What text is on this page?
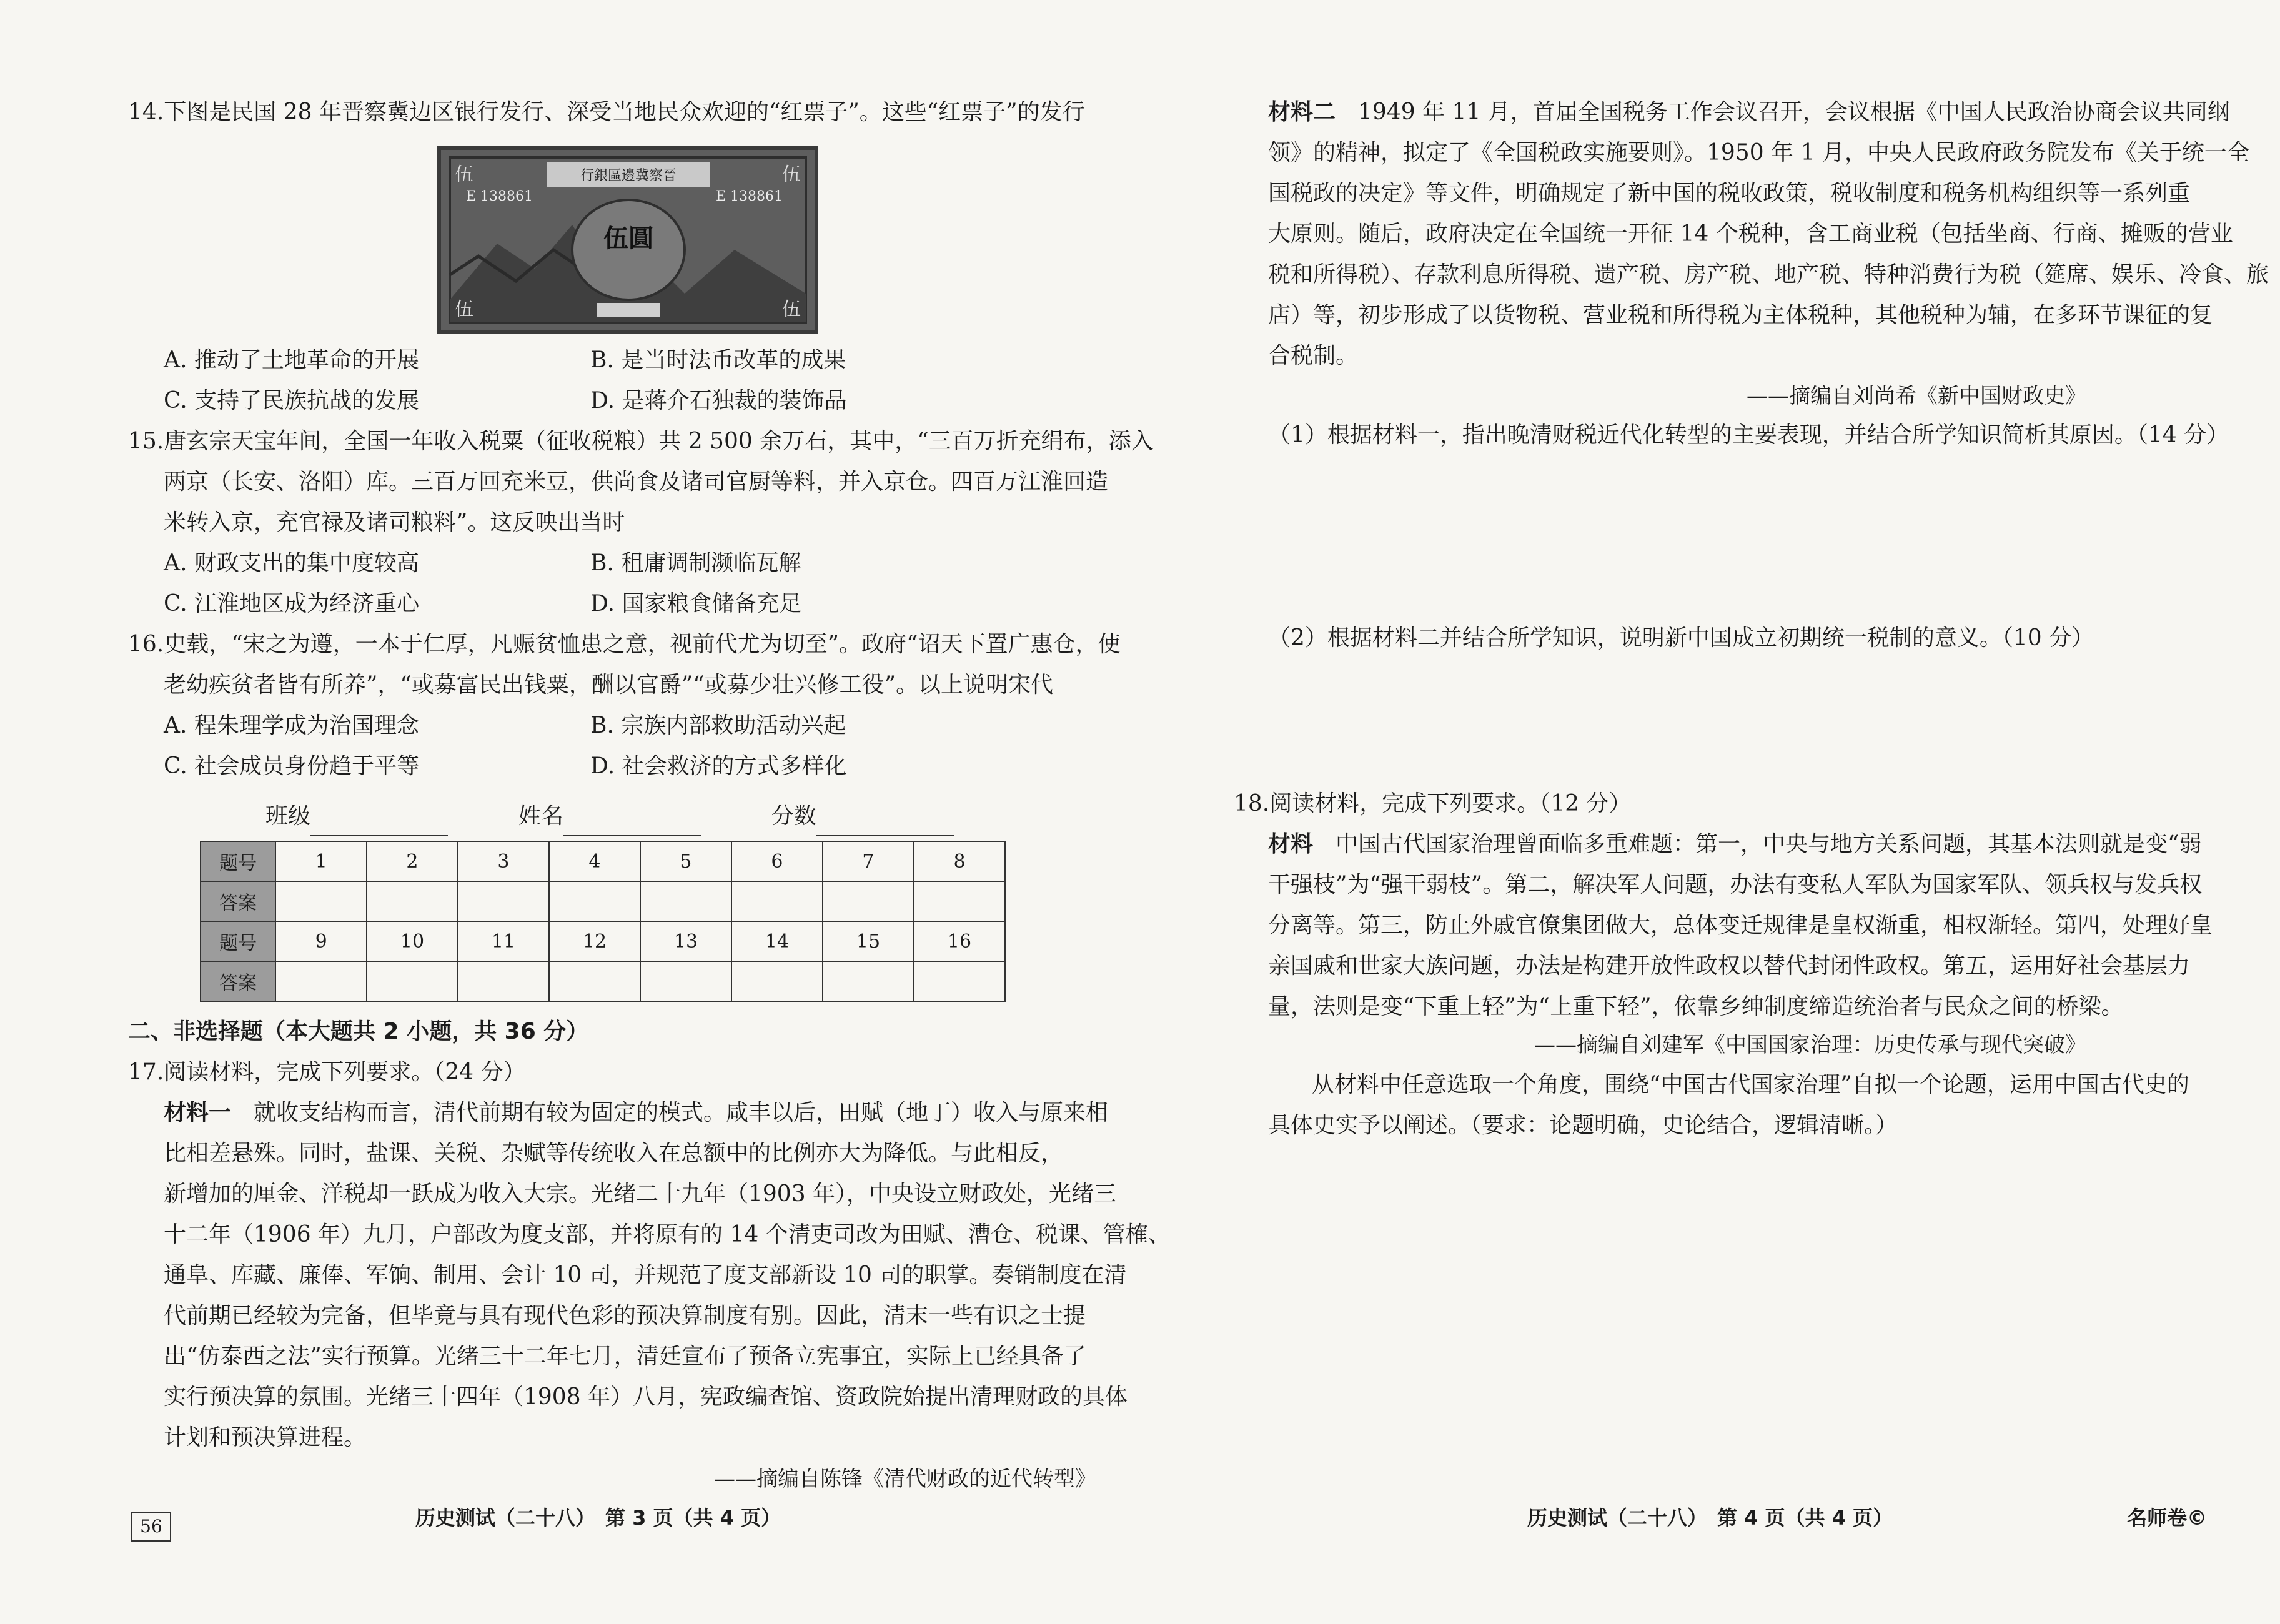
14.下图是民国 28 年晋察冀边区银行发行、深受当地民众欢迎的“红票子”。这些“红票子”的发行
行銀區邊冀察晉
E 138861	E 138861
伍圓
伍	伍
伍	伍
A. 推动了土地革命的开展	B. 是当时法币改革的成果
C. 支持了民族抗战的发展	D. 是蒋介石独裁的装饰品
15.唐玄宗天宝年间，全国一年收入税粟（征收税粮）共 2 500 余万石，其中，“三百万折充绢布，添入
两京（长安、洛阳）库。三百万回充米豆，供尚食及诸司官厨等料，并入京仓。四百万江淮回造
米转入京，充官禄及诸司粮料”。这反映出当时
A. 财政支出的集中度较高	B. 租庸调制濒临瓦解
C. 江淮地区成为经济重心	D. 国家粮食储备充足
16.史载，“宋之为遵，一本于仁厚，凡赈贫恤患之意，视前代尤为切至”。政府“诏天下置广惠仓，使
老幼疾贫者皆有所养”，“或募富民出钱粟，酬以官爵”“或募少壮兴修工役”。以上说明宋代
A. 程朱理学成为治国理念	B. 宗族内部救助活动兴起
C. 社会成员身份趋于平等	D. 社会救济的方式多样化
班级	姓名	分数
题号	1	2	3	4	5	6	7	8
答案								
题号	9	10	11	12	13	14	15	16
答案								
二、非选择题（本大题共 2 小题，共 36 分）
17.阅读材料，完成下列要求。（24 分）
材料一　 就收支结构而言，清代前期有较为固定的模式。咸丰以后，田赋（地丁）收入与原来相
比相差悬殊。同时，盐课、关税、杂赋等传统收入在总额中的比例亦大为降低。与此相反，
新增加的厘金、洋税却一跃成为收入大宗。光绪二十九年（1903 年），中央设立财政处，光绪三
十二年（1906 年）九月，户部改为度支部，并将原有的 14 个清吏司改为田赋、漕仓、税课、管榷、
通阜、库藏、廉俸、军饷、制用、会计 10 司，并规范了度支部新设 10 司的职掌。奏销制度在清
代前期已经较为完备，但毕竟与具有现代色彩的预决算制度有别。因此，清末一些有识之士提
出“仿泰西之法”实行预算。光绪三十二年七月，清廷宣布了预备立宪事宜，实际上已经具备了
实行预决算的氛围。光绪三十四年（1908 年）八月，宪政编查馆、资政院始提出清理财政的具体
计划和预决算进程。
——摘编自陈锋《清代财政的近代转型》
56	历史测试（二十八）　第 3 页（共 4 页）
材料二　 1949 年 11 月，首届全国税务工作会议召开，会议根据《中国人民政治协商会议共同纲
领》的精神，拟定了《全国税政实施要则》。1950 年 1 月，中央人民政府政务院发布《关于统一全
国税政的决定》等文件，明确规定了新中国的税收政策，税收制度和税务机构组织等一系列重
大原则。随后，政府决定在全国统一开征 14 个税种，含工商业税（包括坐商、行商、摊贩的营业
税和所得税）、存款利息所得税、遗产税、房产税、地产税、特种消费行为税（筵席、娱乐、冷食、旅
店）等，初步形成了以货物税、营业税和所得税为主体税种，其他税种为辅，在多环节课征的复
合税制。
——摘编自刘尚希《新中国财政史》
（1）根据材料一，指出晚清财税近代化转型的主要表现，并结合所学知识简析其原因。（14 分）
（2）根据材料二并结合所学知识，说明新中国成立初期统一税制的意义。（10 分）
18.阅读材料，完成下列要求。（12 分）
材料　 中国古代国家治理曾面临多重难题：第一，中央与地方关系问题，其基本法则就是变“弱
干强枝”为“强干弱枝”。第二，解决军人问题，办法有变私人军队为国家军队、领兵权与发兵权
分离等。第三，防止外戚官僚集团做大，总体变迁规律是皇权渐重，相权渐轻。第四，处理好皇
亲国戚和世家大族问题，办法是构建开放性政权以替代封闭性政权。第五，运用好社会基层力
量，法则是变“下重上轻”为“上重下轻”，依靠乡绅制度缔造统治者与民众之间的桥梁。
——摘编自刘建军《中国国家治理：历史传承与现代突破》
从材料中任意选取一个角度，围绕“中国古代国家治理”自拟一个论题，运用中国古代史的
具体史实予以阐述。（要求：论题明确，史论结合，逻辑清晰。）
历史测试（二十八）　第 4 页（共 4 页）	名师卷©
